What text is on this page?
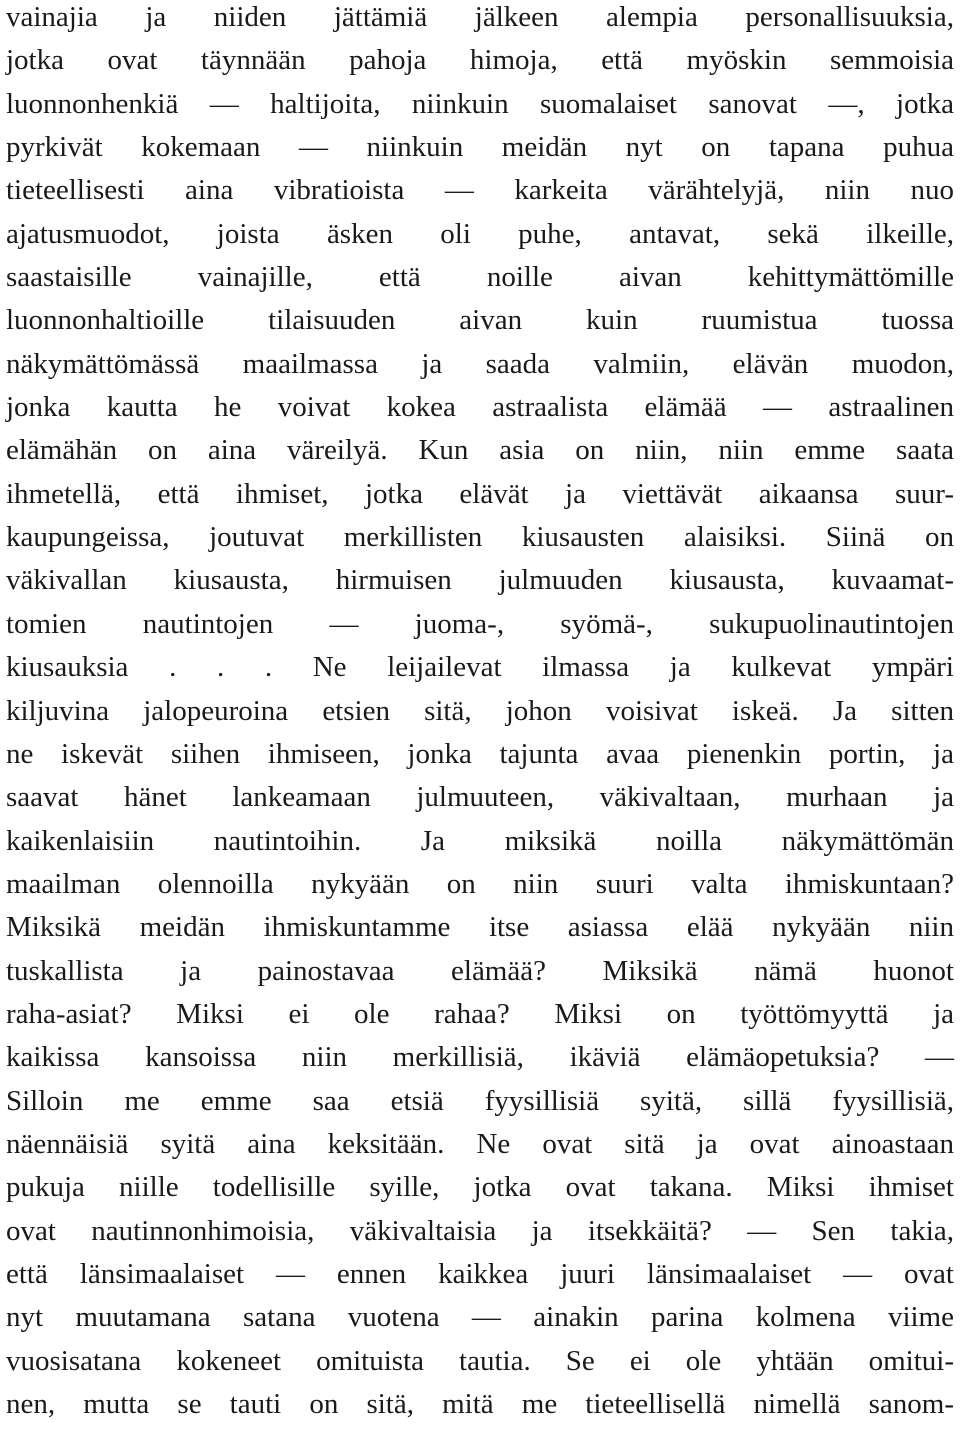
vainajia ja niiden jättämiä jälkeen alempia personallisuuksia,
jotka ovat täynnään pahoja himoja, että myöskin semmoisia
luonnonhenkiä — haltijoita, niinkuin suomalaiset sanovat —, jotka
pyrkivät kokemaan — niinkuin meidän nyt on tapana puhua
tieteellisesti aina vibratioista — karkeita värähtelyjä, niin nuo
ajatusmuodot, joista äsken oli puhe, antavat, sekä ilkeille,
saastaisille vainajille, että noille aivan kehittymättömille
luonnonhaltioille tilaisuuden aivan kuin ruumistua tuossa
näkymättömässä maailmassa ja saada valmiin, elävän muodon,
jonka kautta he voivat kokea astraalista elämää — astraalinen
elämähän on aina väreilyä. Kun asia on niin, niin emme saata
ihmetellä, että ihmiset, jotka elävät ja viettävät aikaansa suur-
kaupungeissa, joutuvat merkillisten kiusausten alaisiksi. Siinä on
väkivallan kiusausta, hirmuisen julmuuden kiusausta, kuvaamat-
tomien nautintojen — juoma-, syömä-, sukupuolinautintojen
kiusauksia . . . Ne leijailevat ilmassa ja kulkevat ympäri
kiljuvina jalopeuroina etsien sitä, johon voisivat iskeä. Ja sitten
ne iskevät siihen ihmiseen, jonka tajunta avaa pienenkin portin, ja
saavat hänet lankeamaan julmuuteen, väkivaltaan, murhaan ja
kaikenlaisiin nautintoihin. Ja miksikä noilla näkymättömän
maailman olennoilla nykyään on niin suuri valta ihmiskuntaan?
Miksikä meidän ihmiskuntamme itse asiassa elää nykyään niin
tuskallista ja painostavaa elämää? Miksikä nämä huonot
raha-asiat? Miksi ei ole rahaa? Miksi on työttömyyttä ja
kaikissa kansoissa niin merkillisiä, ikäviä elämäopetuksia? —
Silloin me emme saa etsiä fyysillisiä syitä, sillä fyysillisiä,
näennäisiä syitä aina keksitään. Ne ovat sitä ja ovat ainoastaan
pukuja niille todellisille syille, jotka ovat takana. Miksi ihmiset
ovat nautinnonhimoisia, väkivaltaisia ja itsekkäitä? — Sen takia,
että länsimaalaiset — ennen kaikkea juuri länsimaalaiset — ovat
nyt muutamana satana vuotena — ainakin parina kolmena viime
vuosisatana kokeneet omituista tautia. Se ei ole yhtään omitui-
nen, mutta se tauti on sitä, mitä me tieteellisellä nimellä sanom-
